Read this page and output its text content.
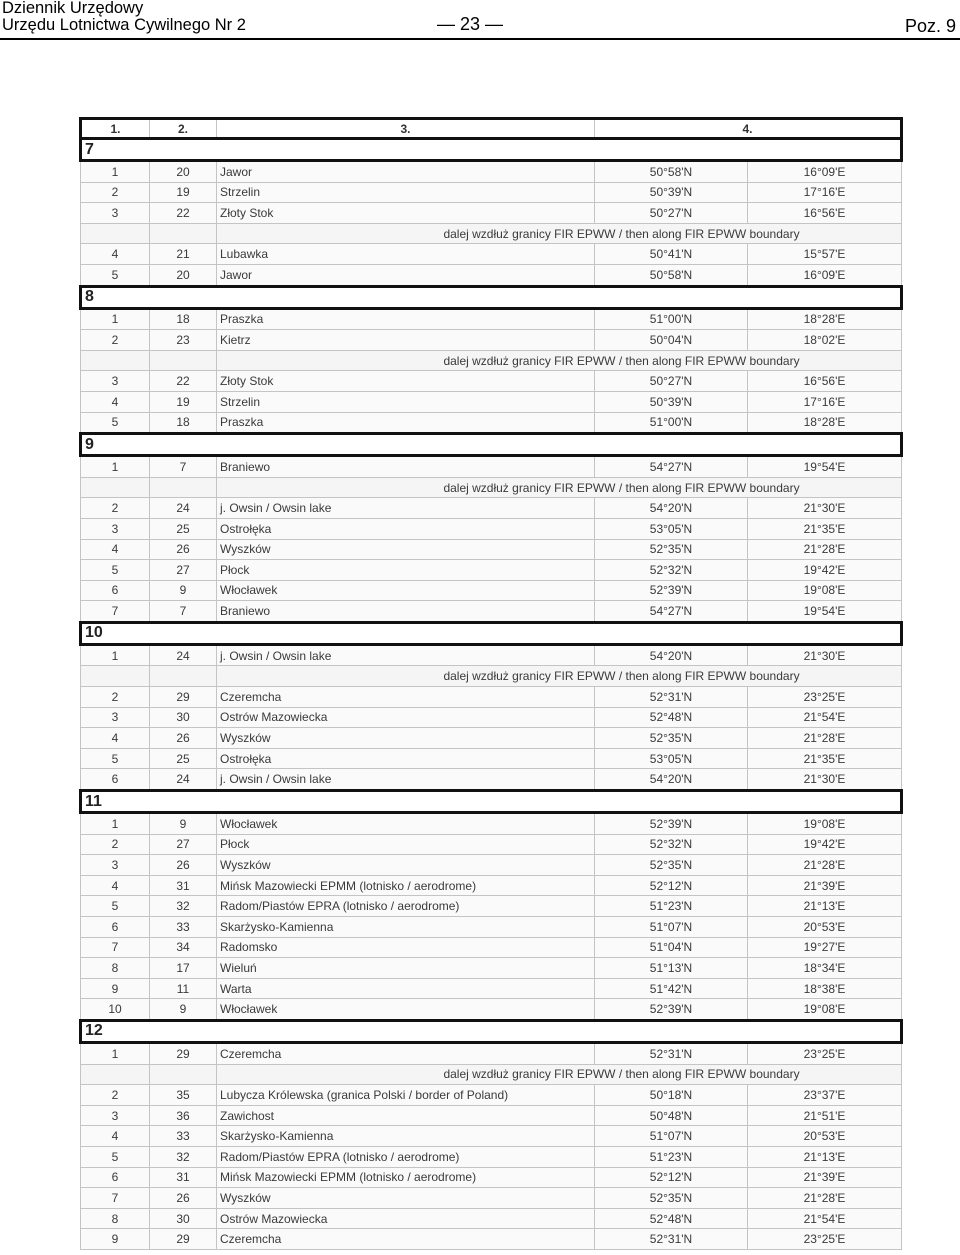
Dziennik Urzędowy
Urzędu Lotnictwa Cywilnego Nr 2	— 23 —	Poz. 9
1.	2.	3.	4.	
7				
1	20	Jawor	50°58'N	16°09'E
2	19	Strzelin	50°39'N	17°16'E
3	22	Złoty Stok	50°27'N	16°56'E
		dalej wzdłuż granicy FIR EPWW / then along FIR EPWW boundary		
4	21	Lubawka	50°41'N	15°57'E
5	20	Jawor	50°58'N	16°09'E
8				
1	18	Praszka	51°00'N	18°28'E
2	23	Kietrz	50°04'N	18°02'E
		dalej wzdłuż granicy FIR EPWW / then along FIR EPWW boundary		
3	22	Złoty Stok	50°27'N	16°56'E
4	19	Strzelin	50°39'N	17°16'E
5	18	Praszka	51°00'N	18°28'E
9				
1	7	Braniewo	54°27'N	19°54'E
		dalej wzdłuż granicy FIR EPWW / then along FIR EPWW boundary		
2	24	j. Owsin / Owsin lake	54°20'N	21°30'E
3	25	Ostrołęka	53°05'N	21°35'E
4	26	Wyszków	52°35'N	21°28'E
5	27	Płock	52°32'N	19°42'E
6	9	Włocławek	52°39'N	19°08'E
7	7	Braniewo	54°27'N	19°54'E
10				
1	24	j. Owsin / Owsin lake	54°20'N	21°30'E
		dalej wzdłuż granicy FIR EPWW / then along FIR EPWW boundary		
2	29	Czeremcha	52°31'N	23°25'E
3	30	Ostrów Mazowiecka	52°48'N	21°54'E
4	26	Wyszków	52°35'N	21°28'E
5	25	Ostrołęka	53°05'N	21°35'E
6	24	j. Owsin / Owsin lake	54°20'N	21°30'E
11				
1	9	Włocławek	52°39'N	19°08'E
2	27	Płock	52°32'N	19°42'E
3	26	Wyszków	52°35'N	21°28'E
4	31	Mińsk Mazowiecki EPMM (lotnisko / aerodrome)	52°12'N	21°39'E
5	32	Radom/Piastów EPRA (lotnisko / aerodrome)	51°23'N	21°13'E
6	33	Skarżysko-Kamienna	51°07'N	20°53'E
7	34	Radomsko	51°04'N	19°27'E
8	17	Wieluń	51°13'N	18°34'E
9	11	Warta	51°42'N	18°38'E
10	9	Włocławek	52°39'N	19°08'E
12				
1	29	Czeremcha	52°31'N	23°25'E
		dalej wzdłuż granicy FIR EPWW / then along FIR EPWW boundary		
2	35	Lubycza Królewska (granica Polski / border of Poland)	50°18'N	23°37'E
3	36	Zawichost	50°48'N	21°51'E
4	33	Skarżysko-Kamienna	51°07'N	20°53'E
5	32	Radom/Piastów EPRA (lotnisko / aerodrome)	51°23'N	21°13'E
6	31	Mińsk Mazowiecki EPMM (lotnisko / aerodrome)	52°12'N	21°39'E
7	26	Wyszków	52°35'N	21°28'E
8	30	Ostrów Mazowiecka	52°48'N	21°54'E
9	29	Czeremcha	52°31'N	23°25'E
